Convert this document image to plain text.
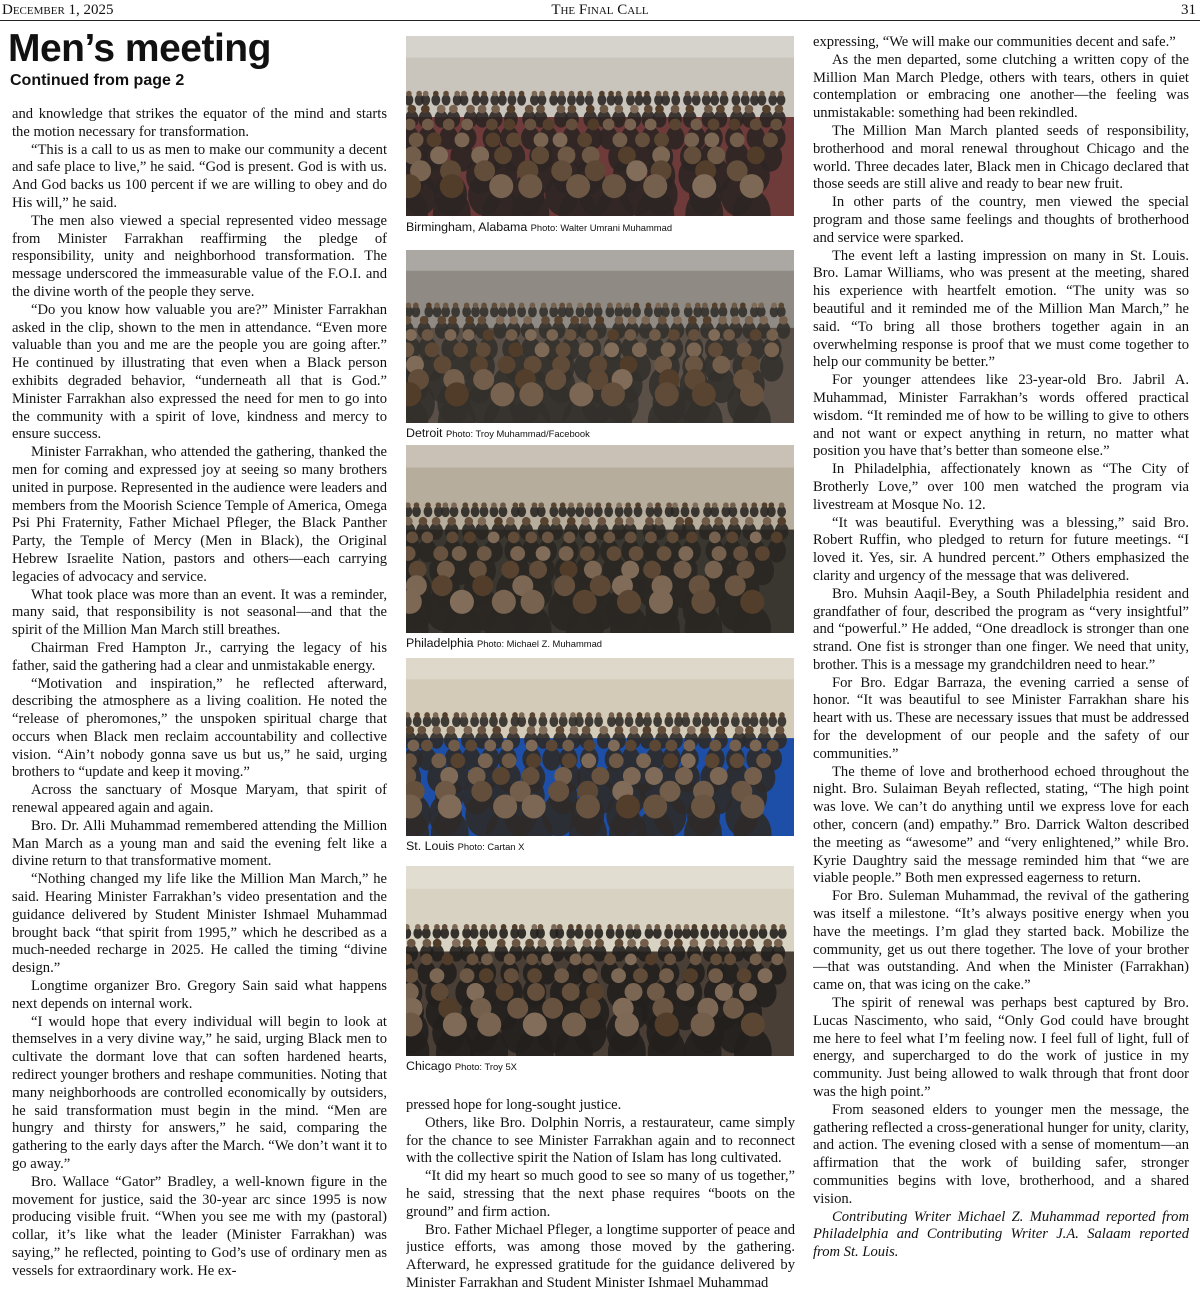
The Final Call
December 1, 2025	31
Men’s meeting
Continued from page 2

and knowledge that strikes the equator of the mind and starts the motion necessary for transformation.

“This is a call to us as men to make our community a decent and safe place to live,” he said. “God is present. God is with us. And God backs us 100 percent if we are willing to obey and do His will,” he said.

The men also viewed a special represented video message from Minister Farrakhan reaffirming the pledge of responsibility, unity and neighborhood transformation. The message underscored the immeasurable value of the F.O.I. and the divine worth of the people they serve.

“Do you know how valuable you are?” Minister Farrakhan asked in the clip, shown to the men in attendance. “Even more valuable than you and me are the people you are going after.” He continued by illustrating that even when a Black person exhibits degraded behavior, “underneath all that is God.” Minister Farrakhan also expressed the need for men to go into the community with a spirit of love, kindness and mercy to ensure success.

Minister Farrakhan, who attended the gathering, thanked the men for coming and expressed joy at seeing so many brothers united in purpose. Represented in the audience were leaders and members from the Moorish Science Temple of America, Omega Psi Phi Fraternity, Father Michael Pfleger, the Black Panther Party, the Temple of Mercy (Men in Black), the Original Hebrew Israelite Nation, pastors and others—each carrying legacies of advocacy and service.

What took place was more than an event. It was a reminder, many said, that responsibility is not seasonal—and that the spirit of the Million Man March still breathes.

Chairman Fred Hampton Jr., carrying the legacy of his father, said the gathering had a clear and unmistakable energy.

“Motivation and inspiration,” he reflected afterward, describing the atmosphere as a living coalition. He noted the “release of pheromones,” the unspoken spiritual charge that occurs when Black men reclaim accountability and collective vision. “Ain’t nobody gonna save us but us,” he said, urging brothers to “update and keep it moving.”

Across the sanctuary of Mosque Maryam, that spirit of renewal appeared again and again.

Bro. Dr. Alli Muhammad remembered attending the Million Man March as a young man and said the evening felt like a divine return to that transformative moment.

“Nothing changed my life like the Million Man March,” he said. Hearing Minister Farrakhan’s video presentation and the guidance delivered by Student Minister Ishmael Muhammad brought back “that spirit from 1995,” which he described as a much-needed recharge in 2025. He called the timing “divine design.”

Longtime organizer Bro. Gregory Sain said what happens next depends on internal work.

“I would hope that every individual will begin to look at themselves in a very divine way,” he said, urging Black men to cultivate the dormant love that can soften hardened hearts, redirect younger brothers and reshape communities. Noting that many neighborhoods are controlled economically by outsiders, he said transformation must begin in the mind. “Men are hungry and thirsty for answers,” he said, comparing the gathering to the early days after the March. “We don’t want it to go away.”

Bro. Wallace “Gator” Bradley, a well-known figure in the movement for justice, said the 30-year arc since 1995 is now producing visible fruit. “When you see me with my (pastoral) collar, it’s like what the leader (Minister Farrakhan) was saying,” he reflected, pointing to God’s use of ordinary men as vessels for extraordinary work. He ex-

Birmingham, Alabama Photo: Walter Umrani Muhammad
Detroit Photo: Troy Muhammad/Facebook
Philadelphia Photo: Michael Z. Muhammad
St. Louis Photo: Cartan X
Chicago Photo: Troy 5X

pressed hope for long-sought justice.

Others, like Bro. Dolphin Norris, a restaurateur, came simply for the chance to see Minister Farrakhan again and to reconnect with the collective spirit the Nation of Islam has long cultivated.

“It did my heart so much good to see so many of us together,” he said, stressing that the next phase requires “boots on the ground” and firm action.

Bro. Father Michael Pfleger, a longtime supporter of peace and justice efforts, was among those moved by the gathering. Afterward, he expressed gratitude for the guidance delivered by Minister Farrakhan and Student Minister Ishmael Muhammad

expressing, “We will make our communities decent and safe.”

As the men departed, some clutching a written copy of the Million Man March Pledge, others with tears, others in quiet contemplation or embracing one another—the feeling was unmistakable: something had been rekindled.

The Million Man March planted seeds of responsibility, brotherhood and moral renewal throughout Chicago and the world. Three decades later, Black men in Chicago declared that those seeds are still alive and ready to bear new fruit.

In other parts of the country, men viewed the special program and those same feelings and thoughts of brotherhood and service were sparked.

The event left a lasting impression on many in St. Louis. Bro. Lamar Williams, who was present at the meeting, shared his experience with heartfelt emotion. “The unity was so beautiful and it reminded me of the Million Man March,” he said. “To bring all those brothers together again in an overwhelming response is proof that we must come together to help our community be better.”

For younger attendees like 23-year-old Bro. Jabril A. Muhammad, Minister Farrakhan’s words offered practical wisdom. “It reminded me of how to be willing to give to others and not want or expect anything in return, no matter what position you have that’s better than someone else.”

In Philadelphia, affectionately known as “The City of Brotherly Love,” over 100 men watched the program via livestream at Mosque No. 12.

“It was beautiful. Everything was a blessing,” said Bro. Robert Ruffin, who pledged to return for future meetings. “I loved it. Yes, sir. A hundred percent.” Others emphasized the clarity and urgency of the message that was delivered.

Bro. Muhsin Aaqil-Bey, a South Philadelphia resident and grandfather of four, described the program as “very insightful” and “powerful.” He added, “One dreadlock is stronger than one strand. One fist is stronger than one finger. We need that unity, brother. This is a message my grandchildren need to hear.”

For Bro. Edgar Barraza, the evening carried a sense of honor. “It was beautiful to see Minister Farrakhan share his heart with us. These are necessary issues that must be addressed for the development of our people and the safety of our communities.”

The theme of love and brotherhood echoed throughout the night. Bro. Sulaiman Beyah reflected, stating, “The high point was love. We can’t do anything until we express love for each other, concern (and) empathy.” Bro. Darrick Walton described the meeting as “awesome” and “very enlightened,” while Bro. Kyrie Daughtry said the message reminded him that “we are viable people.” Both men expressed eagerness to return.

For Bro. Suleman Muhammad, the revival of the gathering was itself a milestone. “It’s always positive energy when you have the meetings. I’m glad they started back. Mobilize the community, get us out there together. The love of your brother—that was outstanding. And when the Minister (Farrakhan) came on, that was icing on the cake.”

The spirit of renewal was perhaps best captured by Bro. Lucas Nascimento, who said, “Only God could have brought me here to feel what I’m feeling now. I feel full of light, full of energy, and supercharged to do the work of justice in my community. Just being allowed to walk through that front door was the high point.”

From seasoned elders to younger men the message, the gathering reflected a cross-generational hunger for unity, clarity, and action. The evening closed with a sense of momentum—an affirmation that the work of building safer, stronger communities begins with love, brotherhood, and a shared vision.

Contributing Writer Michael Z. Muhammad reported from Philadelphia and Contributing Writer J.A. Salaam reported from St. Louis.
